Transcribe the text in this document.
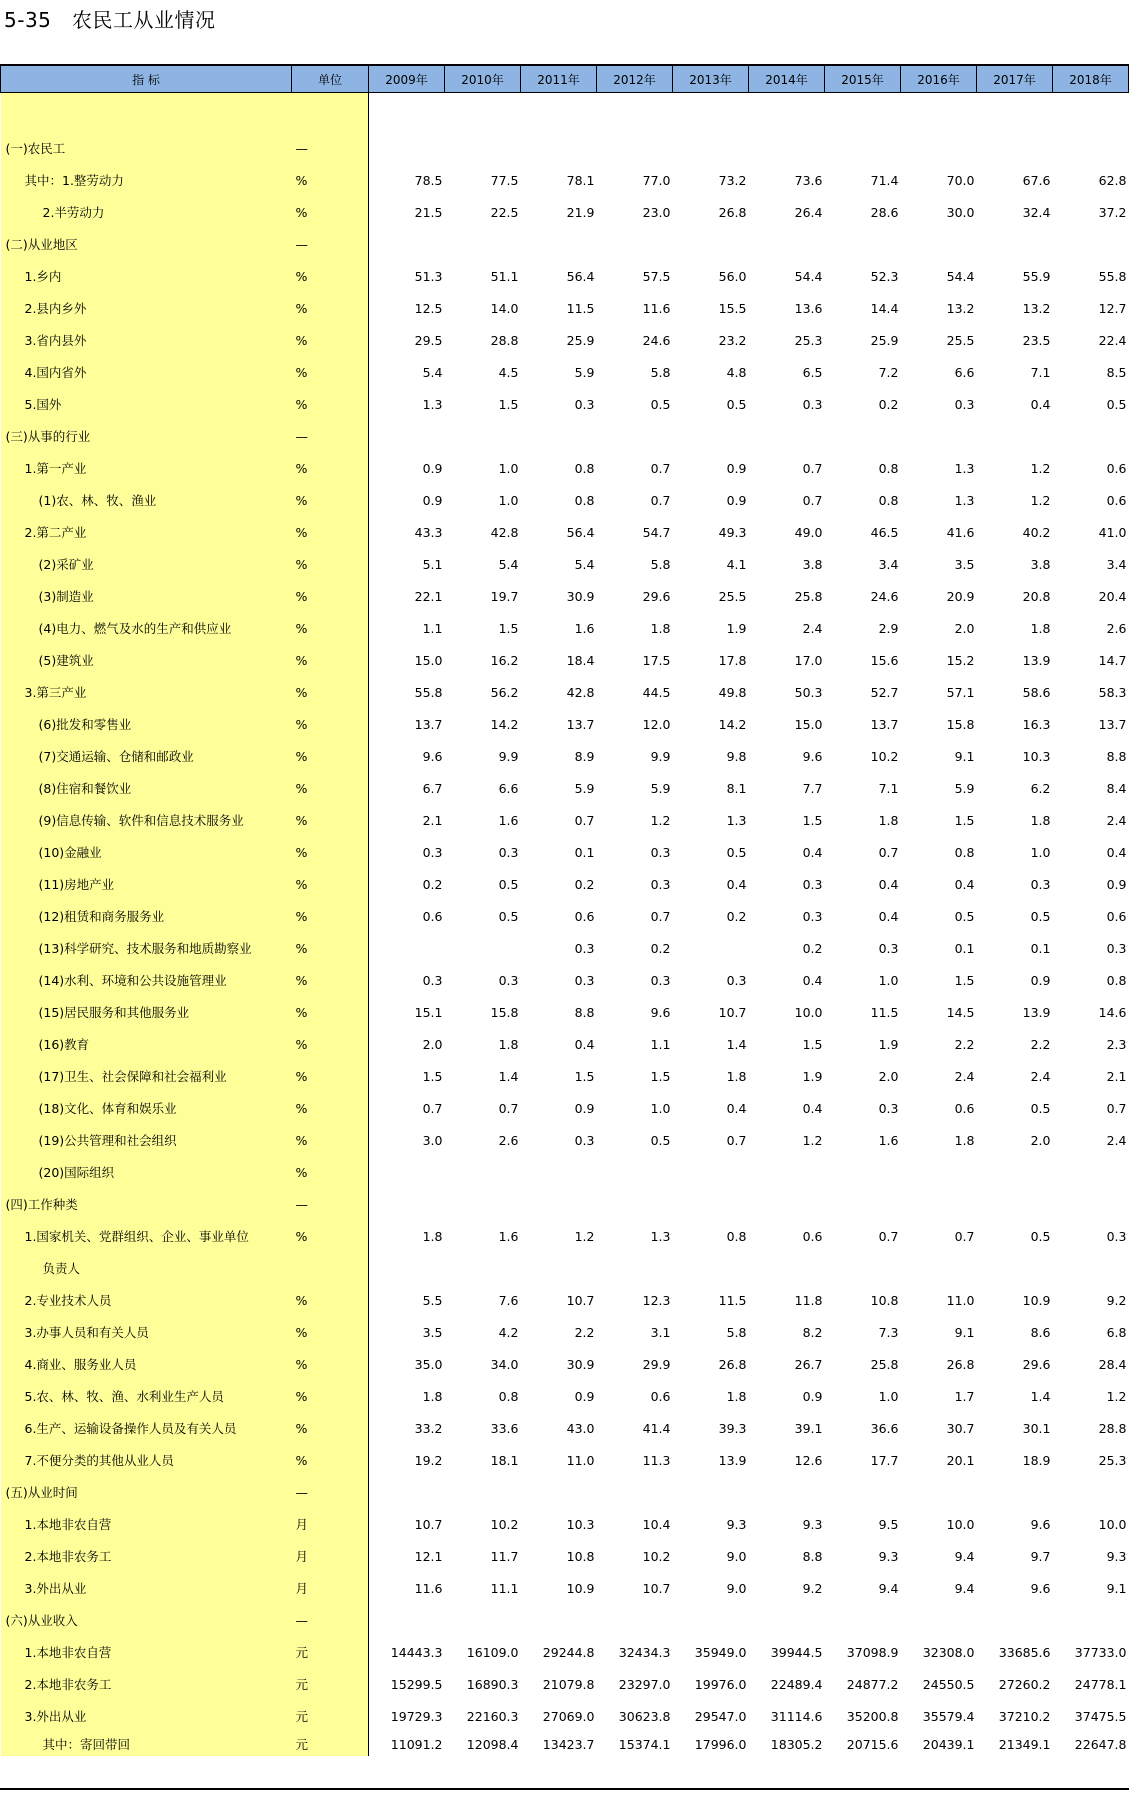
5-35   农民工从业情况
指 标	单位	2009年	2010年	2011年	2012年	2013年	2014年	2015年	2016年	2017年	2018年

(一)农民工	—										
其中：1.整劳动力	%	78.5	77.5	78.1	77.0	73.2	73.6	71.4	70.0	67.6	62.8
2.半劳动力	%	21.5	22.5	21.9	23.0	26.8	26.4	28.6	30.0	32.4	37.2
(二)从业地区	—										
1.乡内	%	51.3	51.1	56.4	57.5	56.0	54.4	52.3	54.4	55.9	55.8
2.县内乡外	%	12.5	14.0	11.5	11.6	15.5	13.6	14.4	13.2	13.2	12.7
3.省内县外	%	29.5	28.8	25.9	24.6	23.2	25.3	25.9	25.5	23.5	22.4
4.国内省外	%	5.4	4.5	5.9	5.8	4.8	6.5	7.2	6.6	7.1	8.5
5.国外	%	1.3	1.5	0.3	0.5	0.5	0.3	0.2	0.3	0.4	0.5
(三)从事的行业	—										
1.第一产业	%	0.9	1.0	0.8	0.7	0.9	0.7	0.8	1.3	1.2	0.6
(1)农、林、牧、渔业	%	0.9	1.0	0.8	0.7	0.9	0.7	0.8	1.3	1.2	0.6
2.第二产业	%	43.3	42.8	56.4	54.7	49.3	49.0	46.5	41.6	40.2	41.0
(2)采矿业	%	5.1	5.4	5.4	5.8	4.1	3.8	3.4	3.5	3.8	3.4
(3)制造业	%	22.1	19.7	30.9	29.6	25.5	25.8	24.6	20.9	20.8	20.4
(4)电力、燃气及水的生产和供应业	%	1.1	1.5	1.6	1.8	1.9	2.4	2.9	2.0	1.8	2.6
(5)建筑业	%	15.0	16.2	18.4	17.5	17.8	17.0	15.6	15.2	13.9	14.7
3.第三产业	%	55.8	56.2	42.8	44.5	49.8	50.3	52.7	57.1	58.6	58.3
(6)批发和零售业	%	13.7	14.2	13.7	12.0	14.2	15.0	13.7	15.8	16.3	13.7
(7)交通运输、仓储和邮政业	%	9.6	9.9	8.9	9.9	9.8	9.6	10.2	9.1	10.3	8.8
(8)住宿和餐饮业	%	6.7	6.6	5.9	5.9	8.1	7.7	7.1	5.9	6.2	8.4
(9)信息传输、软件和信息技术服务业	%	2.1	1.6	0.7	1.2	1.3	1.5	1.8	1.5	1.8	2.4
(10)金融业	%	0.3	0.3	0.1	0.3	0.5	0.4	0.7	0.8	1.0	0.4
(11)房地产业	%	0.2	0.5	0.2	0.3	0.4	0.3	0.4	0.4	0.3	0.9
(12)租赁和商务服务业	%	0.6	0.5	0.6	0.7	0.2	0.3	0.4	0.5	0.5	0.6
(13)科学研究、技术服务和地质勘察业	%			0.3	0.2		0.2	0.3	0.1	0.1	0.3
(14)水利、环境和公共设施管理业	%	0.3	0.3	0.3	0.3	0.3	0.4	1.0	1.5	0.9	0.8
(15)居民服务和其他服务业	%	15.1	15.8	8.8	9.6	10.7	10.0	11.5	14.5	13.9	14.6
(16)教育	%	2.0	1.8	0.4	1.1	1.4	1.5	1.9	2.2	2.2	2.3
(17)卫生、社会保障和社会福利业	%	1.5	1.4	1.5	1.5	1.8	1.9	2.0	2.4	2.4	2.1
(18)文化、体育和娱乐业	%	0.7	0.7	0.9	1.0	0.4	0.4	0.3	0.6	0.5	0.7
(19)公共管理和社会组织	%	3.0	2.6	0.3	0.5	0.7	1.2	1.6	1.8	2.0	2.4
(20)国际组织	%										
(四)工作种类	—										
1.国家机关、党群组织、企业、事业单位	%	1.8	1.6	1.2	1.3	0.8	0.6	0.7	0.7	0.5	0.3
负责人											
2.专业技术人员	%	5.5	7.6	10.7	12.3	11.5	11.8	10.8	11.0	10.9	9.2
3.办事人员和有关人员	%	3.5	4.2	2.2	3.1	5.8	8.2	7.3	9.1	8.6	6.8
4.商业、服务业人员	%	35.0	34.0	30.9	29.9	26.8	26.7	25.8	26.8	29.6	28.4
5.农、林、牧、渔、水利业生产人员	%	1.8	0.8	0.9	0.6	1.8	0.9	1.0	1.7	1.4	1.2
6.生产、运输设备操作人员及有关人员	%	33.2	33.6	43.0	41.4	39.3	39.1	36.6	30.7	30.1	28.8
7.不便分类的其他从业人员	%	19.2	18.1	11.0	11.3	13.9	12.6	17.7	20.1	18.9	25.3
(五)从业时间	—										
1.本地非农自营	月	10.7	10.2	10.3	10.4	9.3	9.3	9.5	10.0	9.6	10.0
2.本地非农务工	月	12.1	11.7	10.8	10.2	9.0	8.8	9.3	9.4	9.7	9.3
3.外出从业	月	11.6	11.1	10.9	10.7	9.0	9.2	9.4	9.4	9.6	9.1
(六)从业收入	—										
1.本地非农自营	元	14443.3	16109.0	29244.8	32434.3	35949.0	39944.5	37098.9	32308.0	33685.6	37733.0
2.本地非农务工	元	15299.5	16890.3	21079.8	23297.0	19976.0	22489.4	24877.2	24550.5	27260.2	24778.1
3.外出从业	元	19729.3	22160.3	27069.0	30623.8	29547.0	31114.6	35200.8	35579.4	37210.2	37475.5
其中：寄回带回	元	11091.2	12098.4	13423.7	15374.1	17996.0	18305.2	20715.6	20439.1	21349.1	22647.8
